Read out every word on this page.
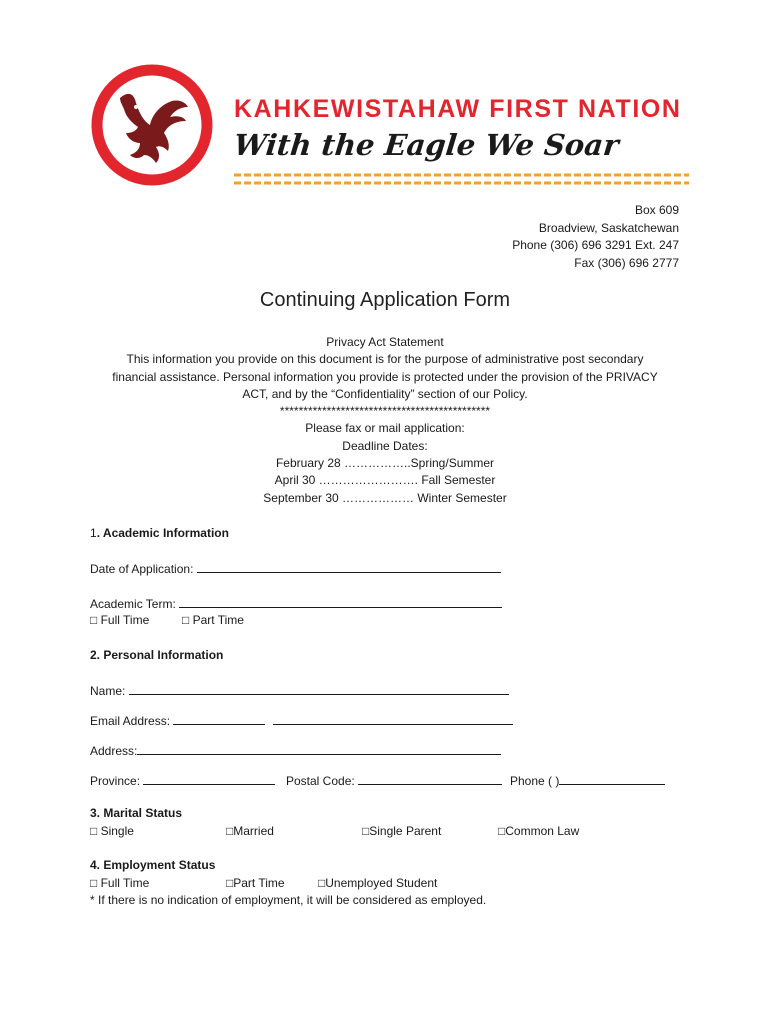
KAHKEWISTAHAW FIRST NATION
With the Eagle We Soar
Box 609
Broadview, Saskatchewan
Phone (306) 696 3291 Ext. 247
Fax (306) 696 2777
Continuing Application Form
Privacy Act Statement
This information you provide on this document is for the purpose of administrative post secondary
financial assistance. Personal information you provide is protected under the provision of the PRIVACY
ACT, and by the “Confidentiality” section of our Policy.
*********************************************
Please fax or mail application:
Deadline Dates:
February 28 ……………..Spring/Summer
April 30 ……………………. Fall Semester
September 30 ……………… Winter Semester
1. Academic Information
Date of Application:
Academic Term:
□ Full Time	□ Part Time
2. Personal Information
Name:
Email Address:
Address:
Province:	Postal Code:	Phone ( )
3. Marital Status
□ Single	□Married	□Single Parent	□Common Law
4. Employment Status
□ Full Time	□Part Time	□Unemployed Student
* If there is no indication of employment, it will be considered as employed.
